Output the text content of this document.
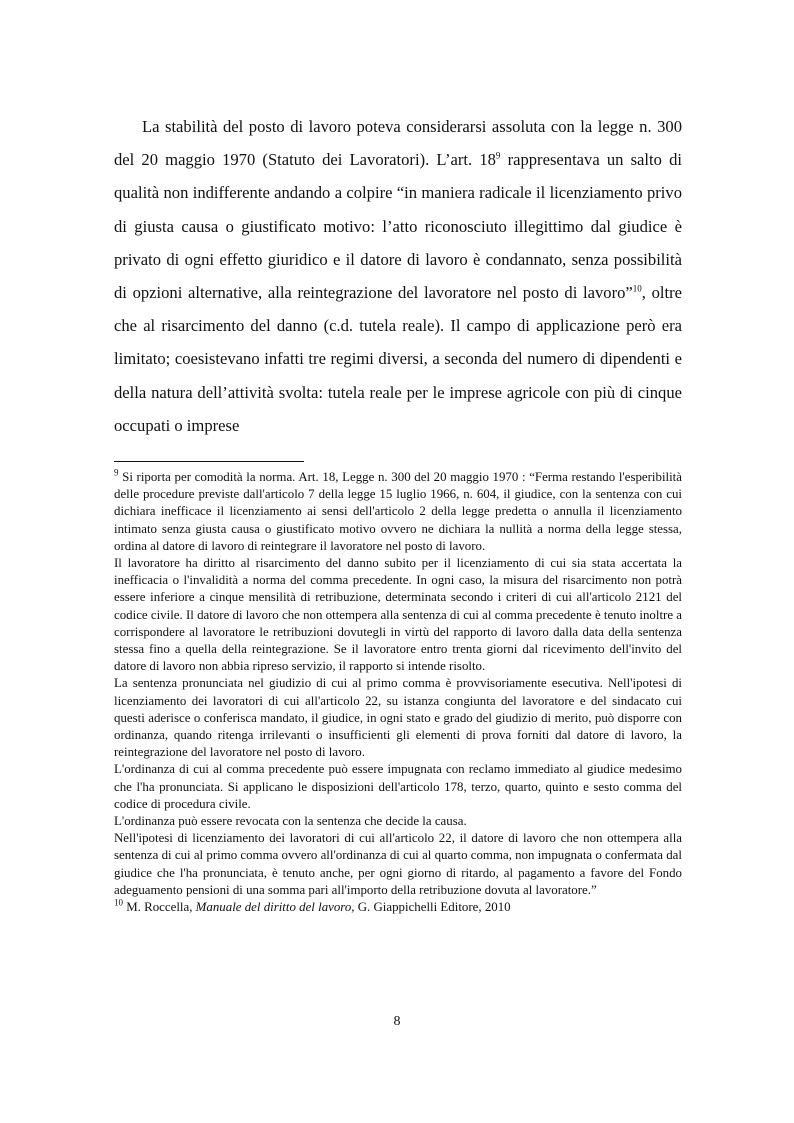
La stabilità del posto di lavoro poteva considerarsi assoluta con la legge n. 300 del 20 maggio 1970 (Statuto dei Lavoratori). L’art. $18^9$ rappresentava un salto di qualità non indifferente andando a colpire “in maniera radicale il licenziamento privo di giusta causa o giustificato motivo: l’atto riconosciuto illegittimo dal giudice è privato di ogni effetto giuridico e il datore di lavoro è condannato, senza possibilità di opzioni alternative, alla reintegrazione del lavoratore nel posto di lavoro”$^{10}$, oltre che al risarcimento del danno (c.d. tutela reale). Il campo di applicazione però era limitato; coesistevano infatti tre regimi diversi, a seconda del numero di dipendenti e della natura dell’attività svolta: tutela reale per le imprese agricole con più di cinque occupati o imprese

$^9$ Si riporta per comodità la norma. Art. 18, Legge n. 300 del 20 maggio 1970 : “Ferma restando l'esperibilità delle procedure previste dall'articolo 7 della legge 15 luglio 1966, n. 604, il giudice, con la sentenza con cui dichiara inefficace il licenziamento ai sensi dell'articolo 2 della legge predetta o annulla il licenziamento intimato senza giusta causa o giustificato motivo ovvero ne dichiara la nullità a norma della legge stessa, ordina al datore di lavoro di reintegrare il lavoratore nel posto di lavoro.

Il lavoratore ha diritto al risarcimento del danno subito per il licenziamento di cui sia stata accertata la inefficacia o l'invalidità a norma del comma precedente. In ogni caso, la misura del risarcimento non potrà essere inferiore a cinque mensilità di retribuzione, determinata secondo i criteri di cui all'articolo 2121 del codice civile. Il datore di lavoro che non ottempera alla sentenza di cui al comma precedente è tenuto inoltre a corrispondere al lavoratore le retribuzioni dovutegli in virtù del rapporto di lavoro dalla data della sentenza stessa fino a quella della reintegrazione. Se il lavoratore entro trenta giorni dal ricevimento dell'invito del datore di lavoro non abbia ripreso servizio, il rapporto si intende risolto.

La sentenza pronunciata nel giudizio di cui al primo comma è provvisoriamente esecutiva. Nell'ipotesi di licenziamento dei lavoratori di cui all'articolo 22, su istanza congiunta del lavoratore e del sindacato cui questi aderisce o conferisca mandato, il giudice, in ogni stato e grado del giudizio di merito, può disporre con ordinanza, quando ritenga irrilevanti o insufficienti gli elementi di prova forniti dal datore di lavoro, la reintegrazione del lavoratore nel posto di lavoro.

L'ordinanza di cui al comma precedente può essere impugnata con reclamo immediato al giudice medesimo che l'ha pronunciata. Si applicano le disposizioni dell'articolo 178, terzo, quarto, quinto e sesto comma del codice di procedura civile.

L'ordinanza può essere revocata con la sentenza che decide la causa.

Nell'ipotesi di licenziamento dei lavoratori di cui all'articolo 22, il datore di lavoro che non ottempera alla sentenza di cui al primo comma ovvero all'ordinanza di cui al quarto comma, non impugnata o confermata dal giudice che l'ha pronunciata, è tenuto anche, per ogni giorno di ritardo, al pagamento a favore del Fondo adeguamento pensioni di una somma pari all'importo della retribuzione dovuta al lavoratore.”

$^{10}$ M. Roccella, Manuale del diritto del lavoro, G. Giappichelli Editore, 2010

8
